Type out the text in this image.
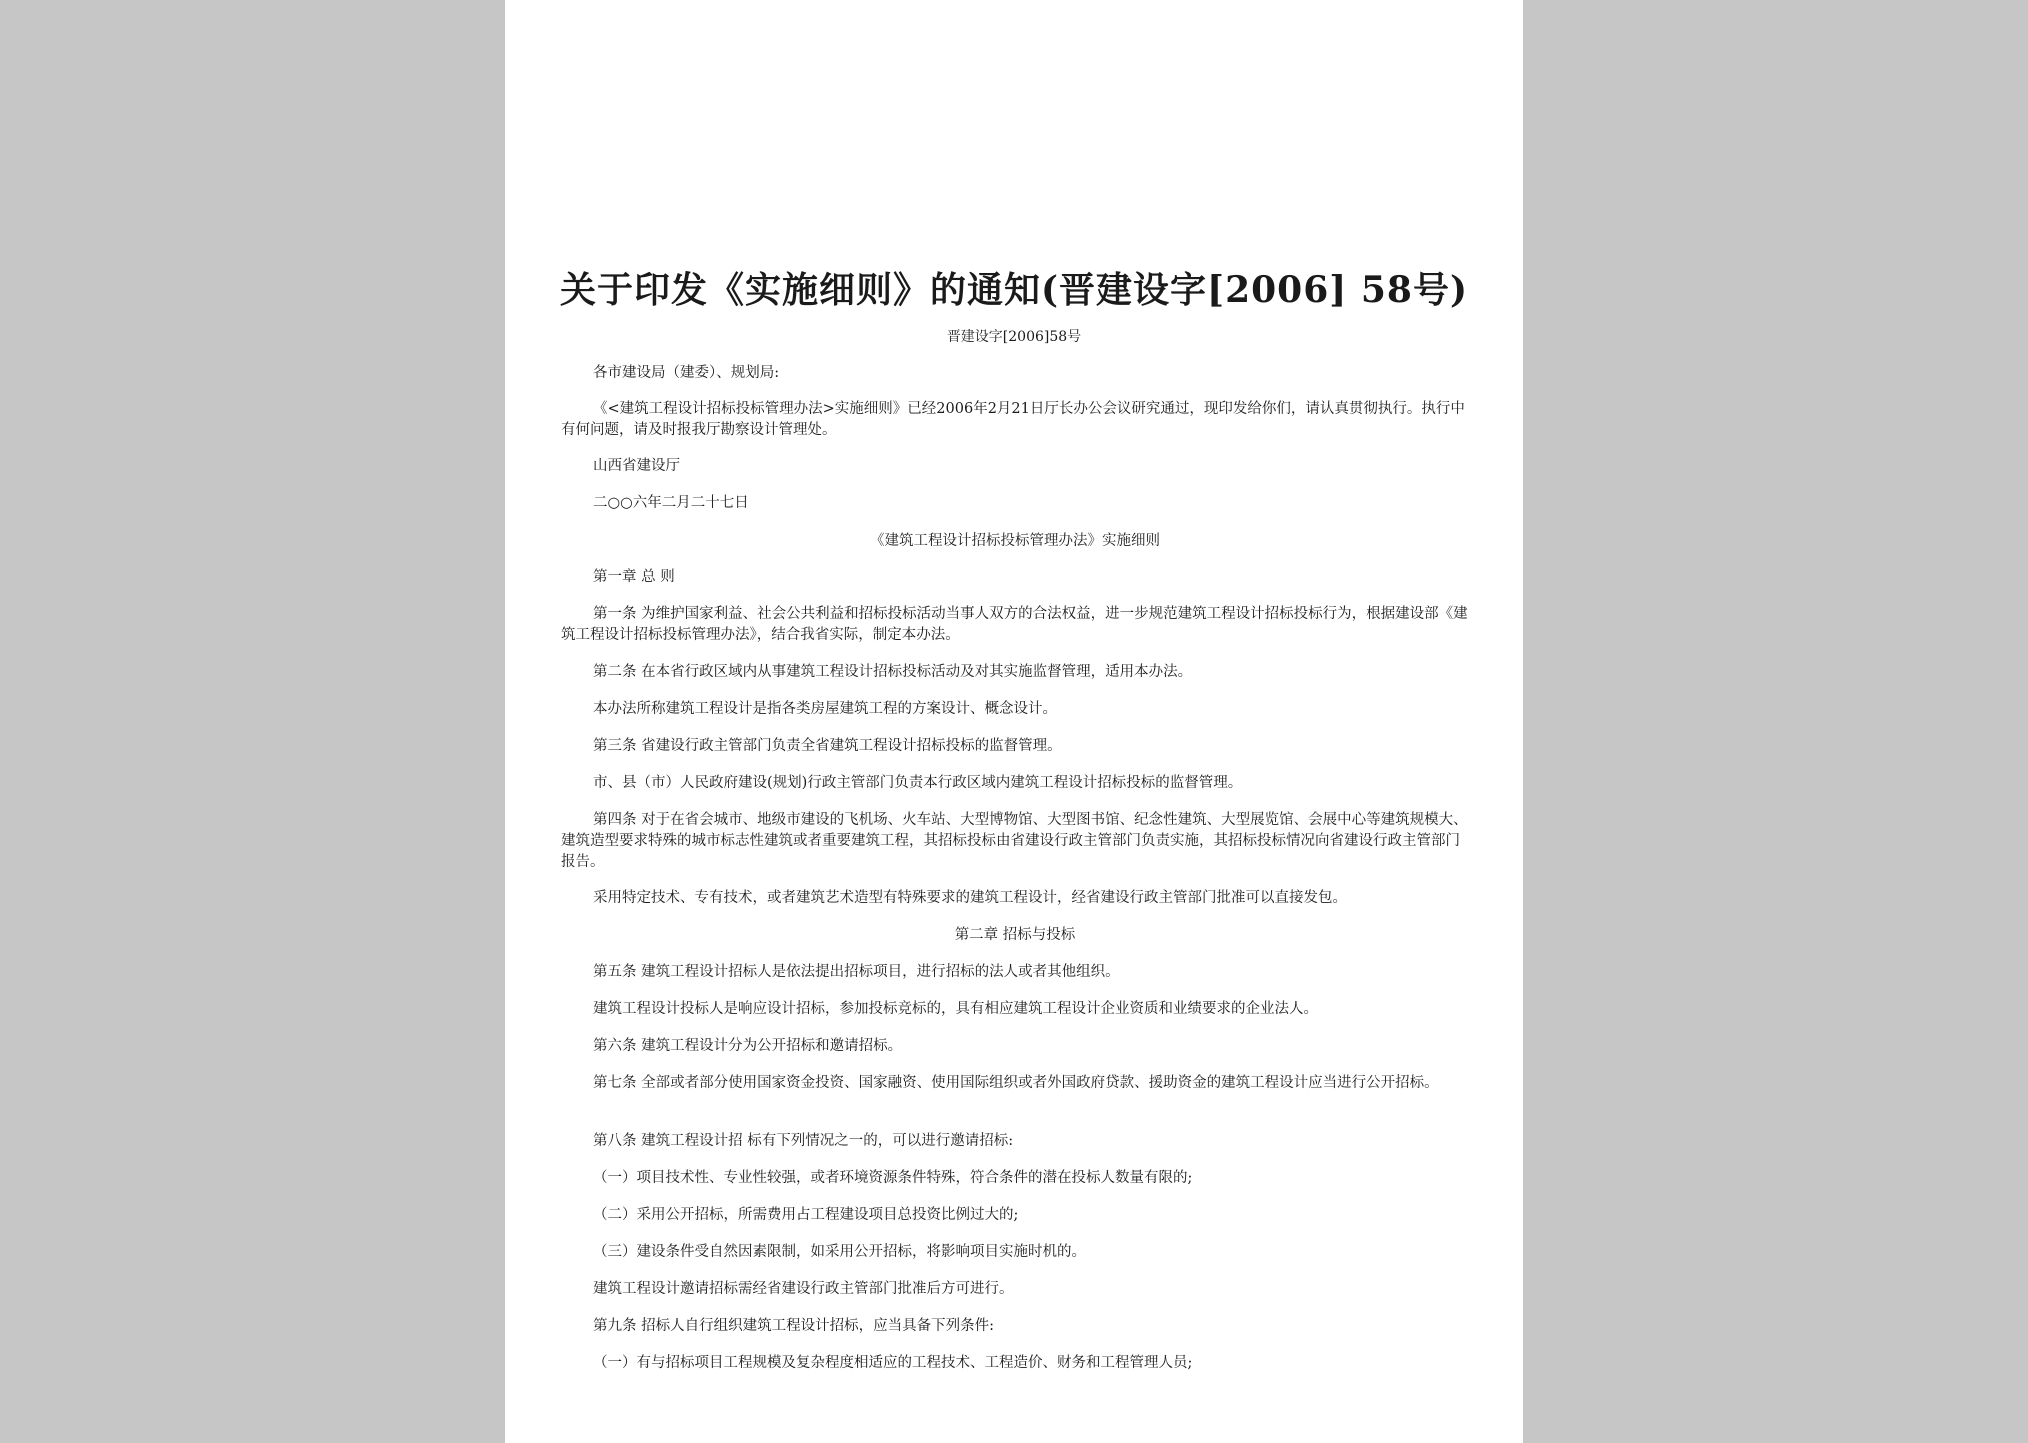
关于印发《实施细则》的通知(晋建设字[2006] 58号)

晋建设字[2006]58号

各市建设局（建委）、规划局:

《<建筑工程设计招标投标管理办法>实施细则》已经2006年2月21日厅长办公会议研究通过，现印发给你们，请认真贯彻执行。执行中有何问题，请及时报我厅勘察设计管理处。

山西省建设厅

二○○六年二月二十七日

《建筑工程设计招标投标管理办法》实施细则

第一章 总 则

第一条 为维护国家利益、社会公共利益和招标投标活动当事人双方的合法权益，进一步规范建筑工程设计招标投标行为，根据建设部《建筑工程设计招标投标管理办法》，结合我省实际，制定本办法。

第二条 在本省行政区域内从事建筑工程设计招标投标活动及对其实施监督管理，适用本办法。

本办法所称建筑工程设计是指各类房屋建筑工程的方案设计、概念设计。

第三条 省建设行政主管部门负责全省建筑工程设计招标投标的监督管理。

市、县（市）人民政府建设(规划)行政主管部门负责本行政区域内建筑工程设计招标投标的监督管理。

第四条 对于在省会城市、地级市建设的飞机场、火车站、大型博物馆、大型图书馆、纪念性建筑、大型展览馆、会展中心等建筑规模大、建筑造型要求特殊的城市标志性建筑或者重要建筑工程，其招标投标由省建设行政主管部门负责实施，其招标投标情况向省建设行政主管部门报告。

采用特定技术、专有技术，或者建筑艺术造型有特殊要求的建筑工程设计，经省建设行政主管部门批准可以直接发包。

第二章 招标与投标

第五条 建筑工程设计招标人是依法提出招标项目，进行招标的法人或者其他组织。

建筑工程设计投标人是响应设计招标，参加投标竞标的，具有相应建筑工程设计企业资质和业绩要求的企业法人。

第六条 建筑工程设计分为公开招标和邀请招标。

第七条 全部或者部分使用国家资金投资、国家融资、使用国际组织或者外国政府贷款、援助资金的建筑工程设计应当进行公开招标。

第八条 建筑工程设计招 标有下列情况之一的，可以进行邀请招标:

（一）项目技术性、专业性较强，或者环境资源条件特殊，符合条件的潜在投标人数量有限的;

（二）采用公开招标，所需费用占工程建设项目总投资比例过大的;

（三）建设条件受自然因素限制，如采用公开招标，将影响项目实施时机的。

建筑工程设计邀请招标需经省建设行政主管部门批准后方可进行。

第九条 招标人自行组织建筑工程设计招标，应当具备下列条件:

（一）有与招标项目工程规模及复杂程度相适应的工程技术、工程造价、财务和工程管理人员;
